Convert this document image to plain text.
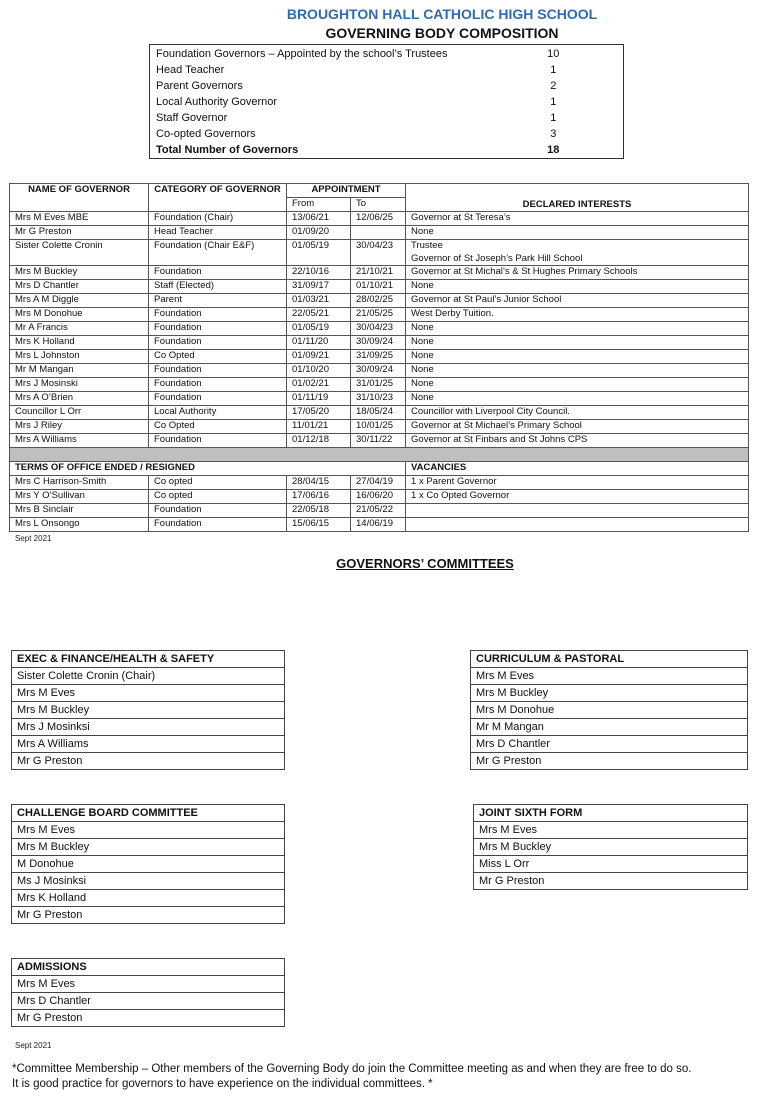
BROUGHTON HALL CATHOLIC HIGH SCHOOL
GOVERNING BODY COMPOSITION
Foundation Governors – Appointed by the school’s Trustees	10
Head Teacher	1
Parent Governors	2
Local Authority Governor	1
Staff Governor	1
Co-opted Governors	3
Total Number of Governors	18
NAME OF GOVERNOR	CATEGORY OF GOVERNOR	APPOINTMENT		DECLARED INTERESTS
		From	To	
Mrs M Eves MBE	Foundation (Chair)	13/06/21	12/06/25	Governor at St Teresa’s

Mr G Preston	Head Teacher	01/09/20		None

Sister Colette Cronin	Foundation (Chair E&F)	01/05/19	30/04/23	Trustee
Governor of St Joseph’s Park Hill School

Mrs M Buckley	Foundation	22/10/16	21/10/21	Governor at St Michal’s & St Hughes Primary Schools

Mrs D Chantler	Staff (Elected)	31/09/17	01/10/21	None

Mrs A M Diggle	Parent	01/03/21	28/02/25	Governor at St Paul’s Junior School

Mrs M Donohue	Foundation	22/05/21	21/05/25	West Derby Tuition.

Mr A Francis	Foundation	01/05/19	30/04/23	None

Mrs K Holland	Foundation	01/11/20	30/09/24	None

Mrs L Johnston	Co Opted	01/09/21	31/09/25	None

Mr M Mangan	Foundation	01/10/20	30/09/24	None

Mrs J Mosinski	Foundation	01/02/21	31/01/25	None

Mrs A O’Brien	Foundation	01/11/19	31/10/23	None

Councillor L Orr	Local Authority	17/05/20	18/05/24	Councillor with Liverpool City Council.

Mrs J Riley	Co Opted	11/01/21	10/01/25	Governor at St Michael’s Primary School

Mrs A Williams	Foundation	01/12/18	30/11/22	Governor at St Finbars and St Johns CPS

TERMS OF OFFICE ENDED / RESIGNED				VACANCIES
Mrs C Harrison-Smith	Co opted	28/04/15	27/04/19	1 x Parent Governor
Mrs Y O’Sullivan	Co opted	17/06/16	16/06/20	1 x Co Opted Governor
Mrs B Sinclair	Foundation	22/05/18	21/05/22	
Mrs L Onsongo	Foundation	15/06/15	14/06/19	
Sept 2021
GOVERNORS’ COMMITTEES
EXEC & FINANCE/HEALTH & SAFETY
Sister Colette Cronin (Chair)
Mrs M Eves
Mrs M Buckley
Mrs J Mosinksi
Mrs A Williams
Mr G Preston
CURRICULUM & PASTORAL
Mrs M Eves
Mrs M Buckley
Mrs M Donohue
Mr M Mangan
Mrs D Chantler
Mr G Preston
CHALLENGE BOARD COMMITTEE
Mrs M Eves
Mrs M Buckley
M Donohue
Ms J Mosinksi
Mrs K Holland
Mr G Preston
JOINT SIXTH FORM
Mrs M Eves
Mrs M Buckley
Miss L Orr
Mr G Preston
ADMISSIONS
Mrs M Eves
Mrs D Chantler
Mr G Preston
Sept 2021
*Committee Membership – Other members of the Governing Body do join the Committee meeting as and when they are free to do so.
It is good practice for governors to have experience on the individual committees. *
